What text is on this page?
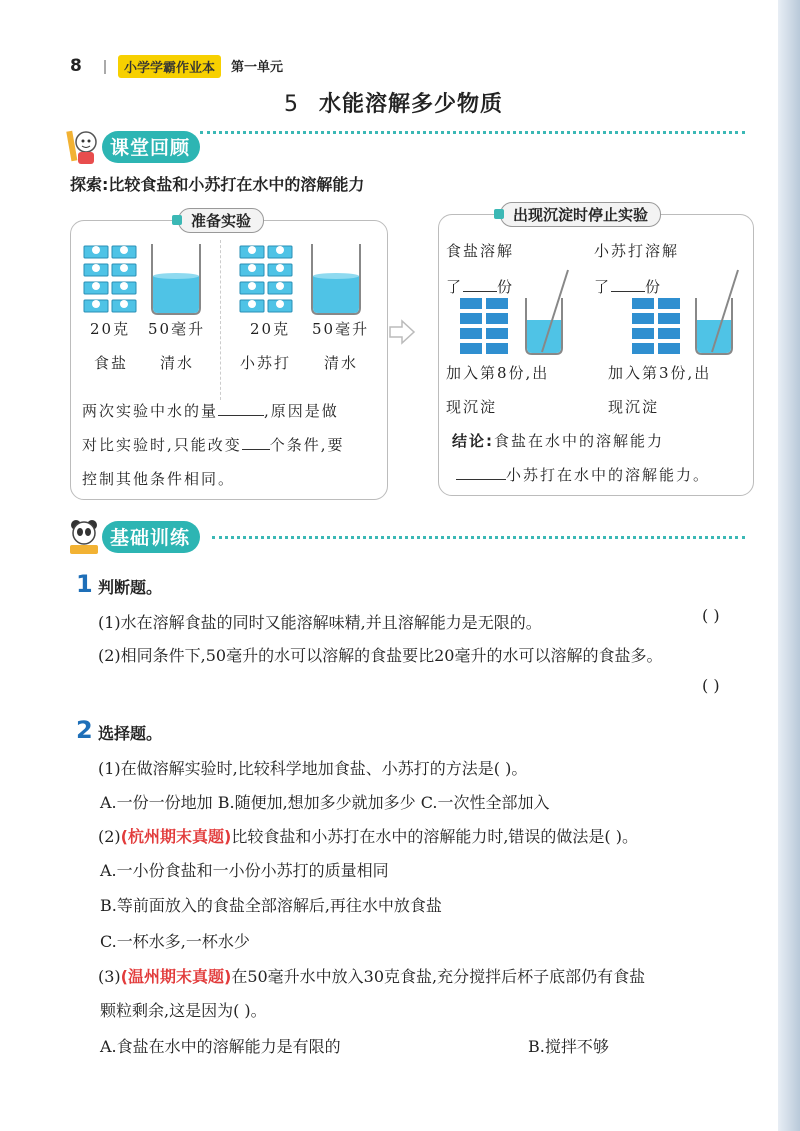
8	小学学霸作业本	第一单元
5 水能溶解多少物质
课堂回顾
探索:比较食盐和小苏打在水中的溶解能力
准备实验
20克 50毫升
食盐 清水
20克 50毫升
小苏打 清水
两次实验中水的量	,原因是做
对比实验时,只能改变 个条件,要
控制其他条件相同。
出现沉淀时停止实验
食盐溶解
了 份
小苏打溶解
了 份
加入第8份,出
现沉淀
加入第3份,出
现沉淀
结论:食盐在水中的溶解能力
小苏打在水中的溶解能力。
基础训练
1 判断题。
(1)水在溶解食盐的同时又能溶解味精,并且溶解能力是无限的。	( )
(2)相同条件下,50毫升的水可以溶解的食盐要比20毫升的水可以溶解的食盐多。
( )
2 选择题。
(1)在做溶解实验时,比较科学地加食盐、小苏打的方法是( )。
A.一份一份地加 B.随便加,想加多少就加多少 C.一次性全部加入
(2)(杭州期末真题)比较食盐和小苏打在水中的溶解能力时,错误的做法是( )。
A.一小份食盐和一小份小苏打的质量相同
B.等前面放入的食盐全部溶解后,再往水中放食盐
C.一杯水多,一杯水少
(3)(温州期末真题)在50毫升水中放入30克食盐,充分搅拌后杯子底部仍有食盐
颗粒剩余,这是因为( )。
A.食盐在水中的溶解能力是有限的	B.搅拌不够
